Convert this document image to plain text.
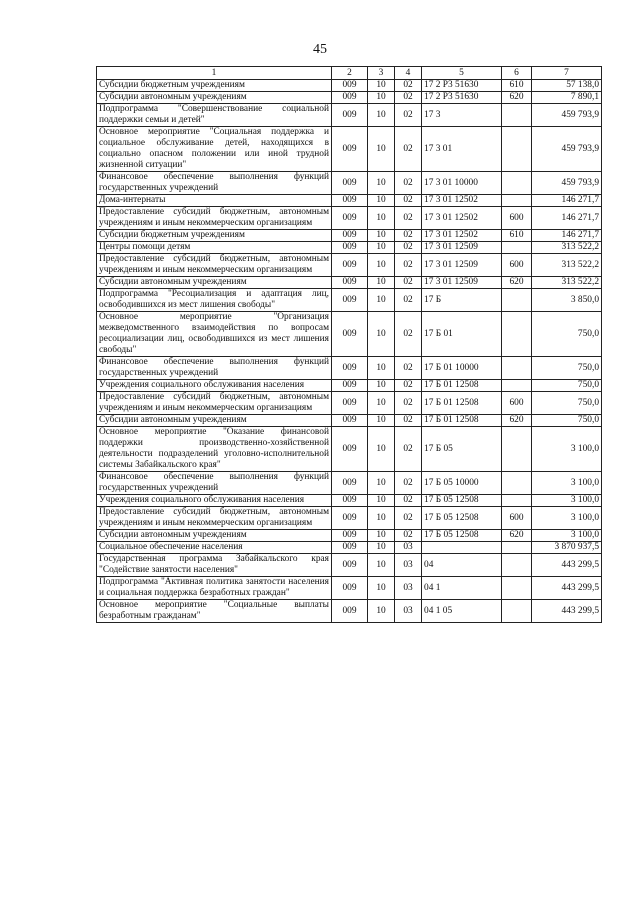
45
1	2	3	4	5	6	7
Субсидии бюджетным учреждениям	009	10	02	17 2 Р3 51630	610	57 138,0
Субсидии автономным учреждениям	009	10	02	17 2 Р3 51630	620	7 890,1
Подпрограмма "Совершенствование социальной поддержки семьи и детей"	009	10	02	17 3		459 793,9
Основное мероприятие "Социальная поддержка и социальное обслуживание детей, находящихся в социально опасном положении или иной трудной жизненной ситуации"	009	10	02	17 3 01		459 793,9
Финансовое обеспечение выполнения функций государственных учреждений	009	10	02	17 3 01 10000		459 793,9
Дома-интернаты	009	10	02	17 3 01 12502		146 271,7
Предоставление субсидий бюджетным, автономным учреждениям и иным некоммерческим организациям	009	10	02	17 3 01 12502	600	146 271,7
Субсидии бюджетным учреждениям	009	10	02	17 3 01 12502	610	146 271,7
Центры помощи детям	009	10	02	17 3 01 12509		313 522,2
Предоставление субсидий бюджетным, автономным учреждениям и иным некоммерческим организациям	009	10	02	17 3 01 12509	600	313 522,2
Субсидии автономным учреждениям	009	10	02	17 3 01 12509	620	313 522,2
Подпрограмма "Ресоциализация и адаптация лиц, освободившихся из мест лишения свободы"	009	10	02	17 Б		3 850,0
Основное мероприятие "Организация межведомственного взаимодействия по вопросам ресоциализации лиц, освободившихся из мест лишения свободы"	009	10	02	17 Б 01		750,0
Финансовое обеспечение выполнения функций государственных учреждений	009	10	02	17 Б 01 10000		750,0
Учреждения социального обслуживания населения	009	10	02	17 Б 01 12508		750,0
Предоставление субсидий бюджетным, автономным учреждениям и иным некоммерческим организациям	009	10	02	17 Б 01 12508	600	750,0
Субсидии автономным учреждениям	009	10	02	17 Б 01 12508	620	750,0
Основное мероприятие "Оказание финансовой поддержки производственно-хозяйственной деятельности подразделений уголовно-исполнительной системы Забайкальского края"	009	10	02	17 Б 05		3 100,0
Финансовое обеспечение выполнения функций государственных учреждений	009	10	02	17 Б 05 10000		3 100,0
Учреждения социального обслуживания населения	009	10	02	17 Б 05 12508		3 100,0
Предоставление субсидий бюджетным, автономным учреждениям и иным некоммерческим организациям	009	10	02	17 Б 05 12508	600	3 100,0
Субсидии автономным учреждениям	009	10	02	17 Б 05 12508	620	3 100,0
Социальное обеспечение населения	009	10	03			3 870 937,5
Государственная программа Забайкальского края "Содействие занятости населения"	009	10	03	04		443 299,5
Подпрограмма "Активная политика занятости населения и социальная поддержка безработных граждан"	009	10	03	04 1		443 299,5
Основное мероприятие "Социальные выплаты безработным гражданам"	009	10	03	04 1 05		443 299,5
